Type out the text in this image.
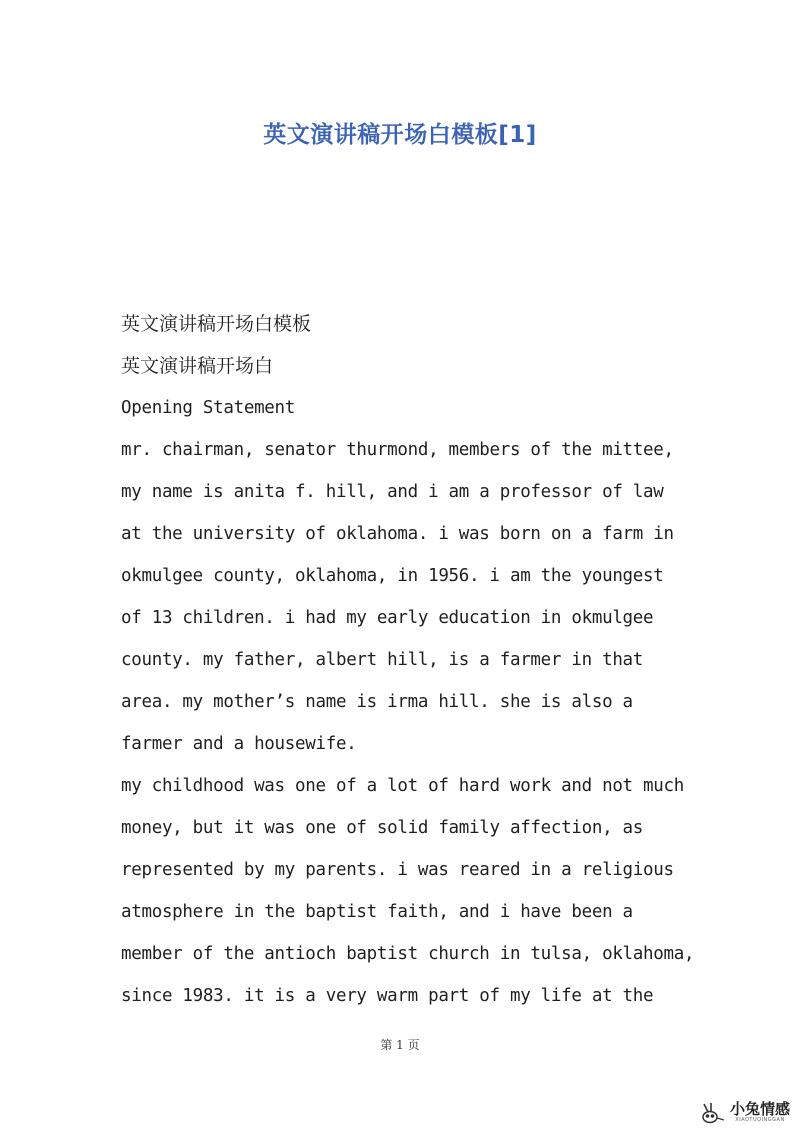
英文演讲稿开场白模板[1]
英文演讲稿开场白模板
英文演讲稿开场白
Opening Statement
mr. chairman, senator thurmond, members of the mittee,
my name is anita f. hill, and i am a professor of law
at the university of oklahoma. i was born on a farm in
okmulgee county, oklahoma, in 1956. i am the youngest
of 13 children. i had my early education in okmulgee
county. my father, albert hill, is a farmer in that
area. my mother’s name is irma hill. she is also a
farmer and a housewife.
my childhood was one of a lot of hard work and not much
money, but it was one of solid family affection, as
represented by my parents. i was reared in a religious
atmosphere in the baptist faith, and i have been a
member of the antioch baptist church in tulsa, oklahoma,
since 1983. it is a very warm part of my life at the
第 1 页
小兔情感
XIAOTUQINGGAN
